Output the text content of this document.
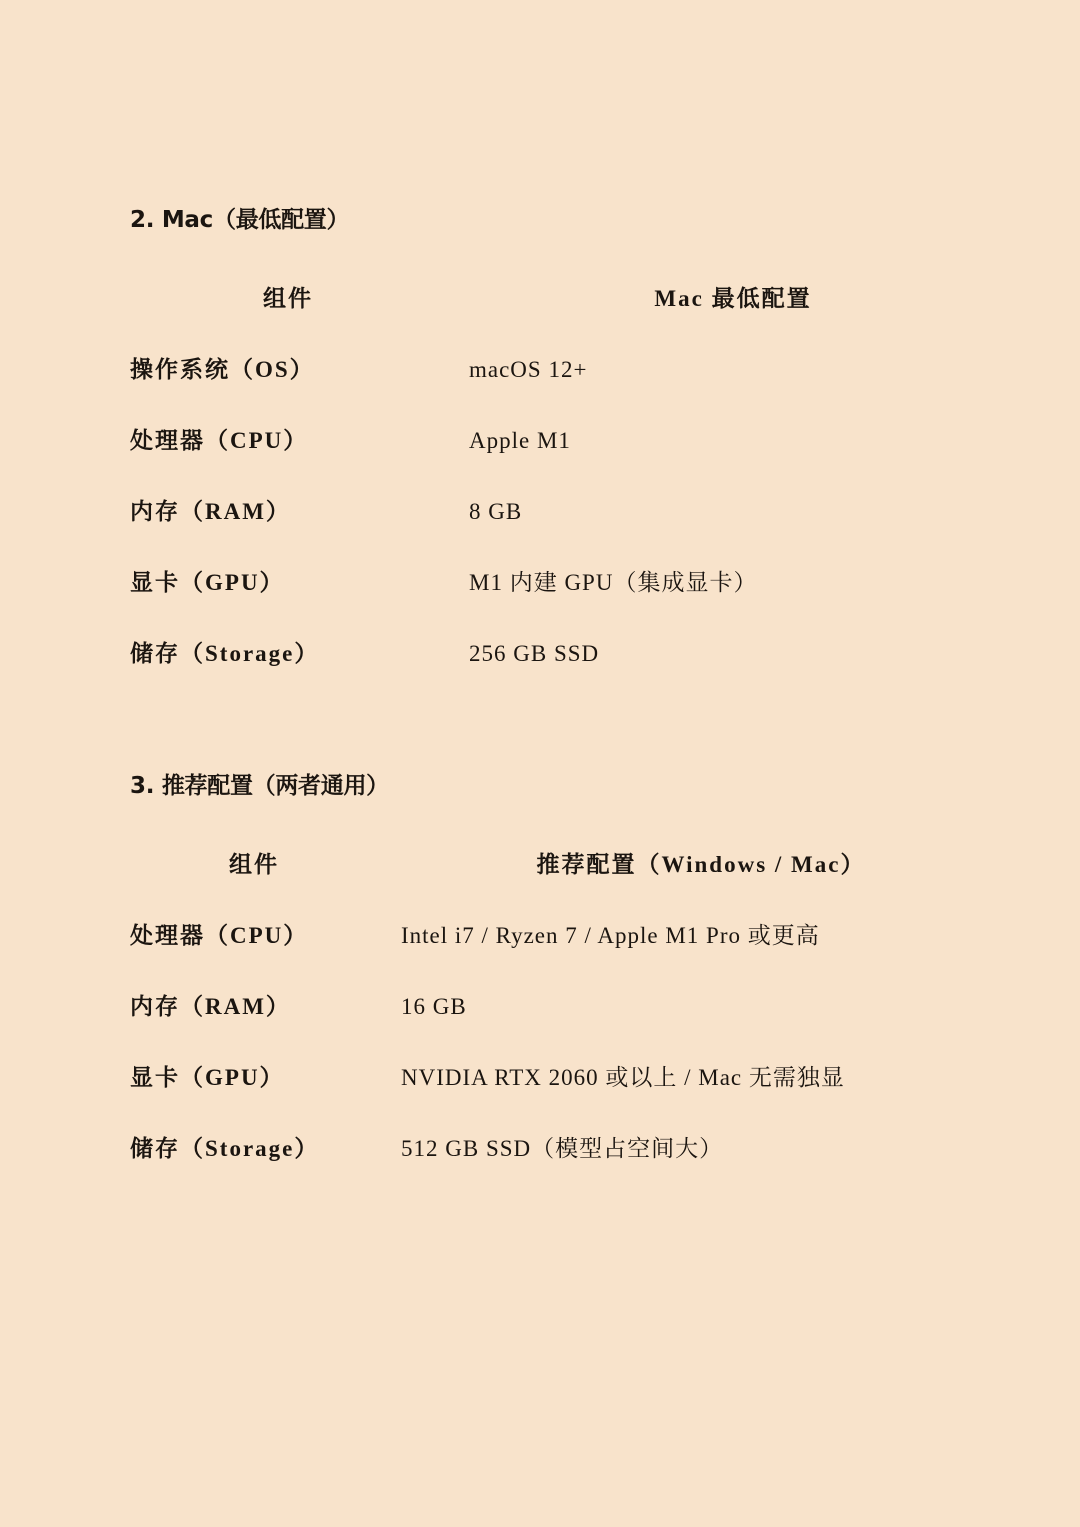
2. Mac（最低配置）
组件	Mac 最低配置
操作系统（OS）	macOS 12+
处理器（CPU）	Apple M1
内存（RAM）	8 GB
显卡（GPU）	M1 内建 GPU（集成显卡）
储存（Storage）	256 GB SSD
3. 推荐配置（两者通用）
组件	推荐配置（Windows / Mac）
处理器（CPU）	Intel i7 / Ryzen 7 / Apple M1 Pro 或更高
内存（RAM）	16 GB
显卡（GPU）	NVIDIA RTX 2060 或以上 / Mac 无需独显
储存（Storage）	512 GB SSD（模型占空间大）
